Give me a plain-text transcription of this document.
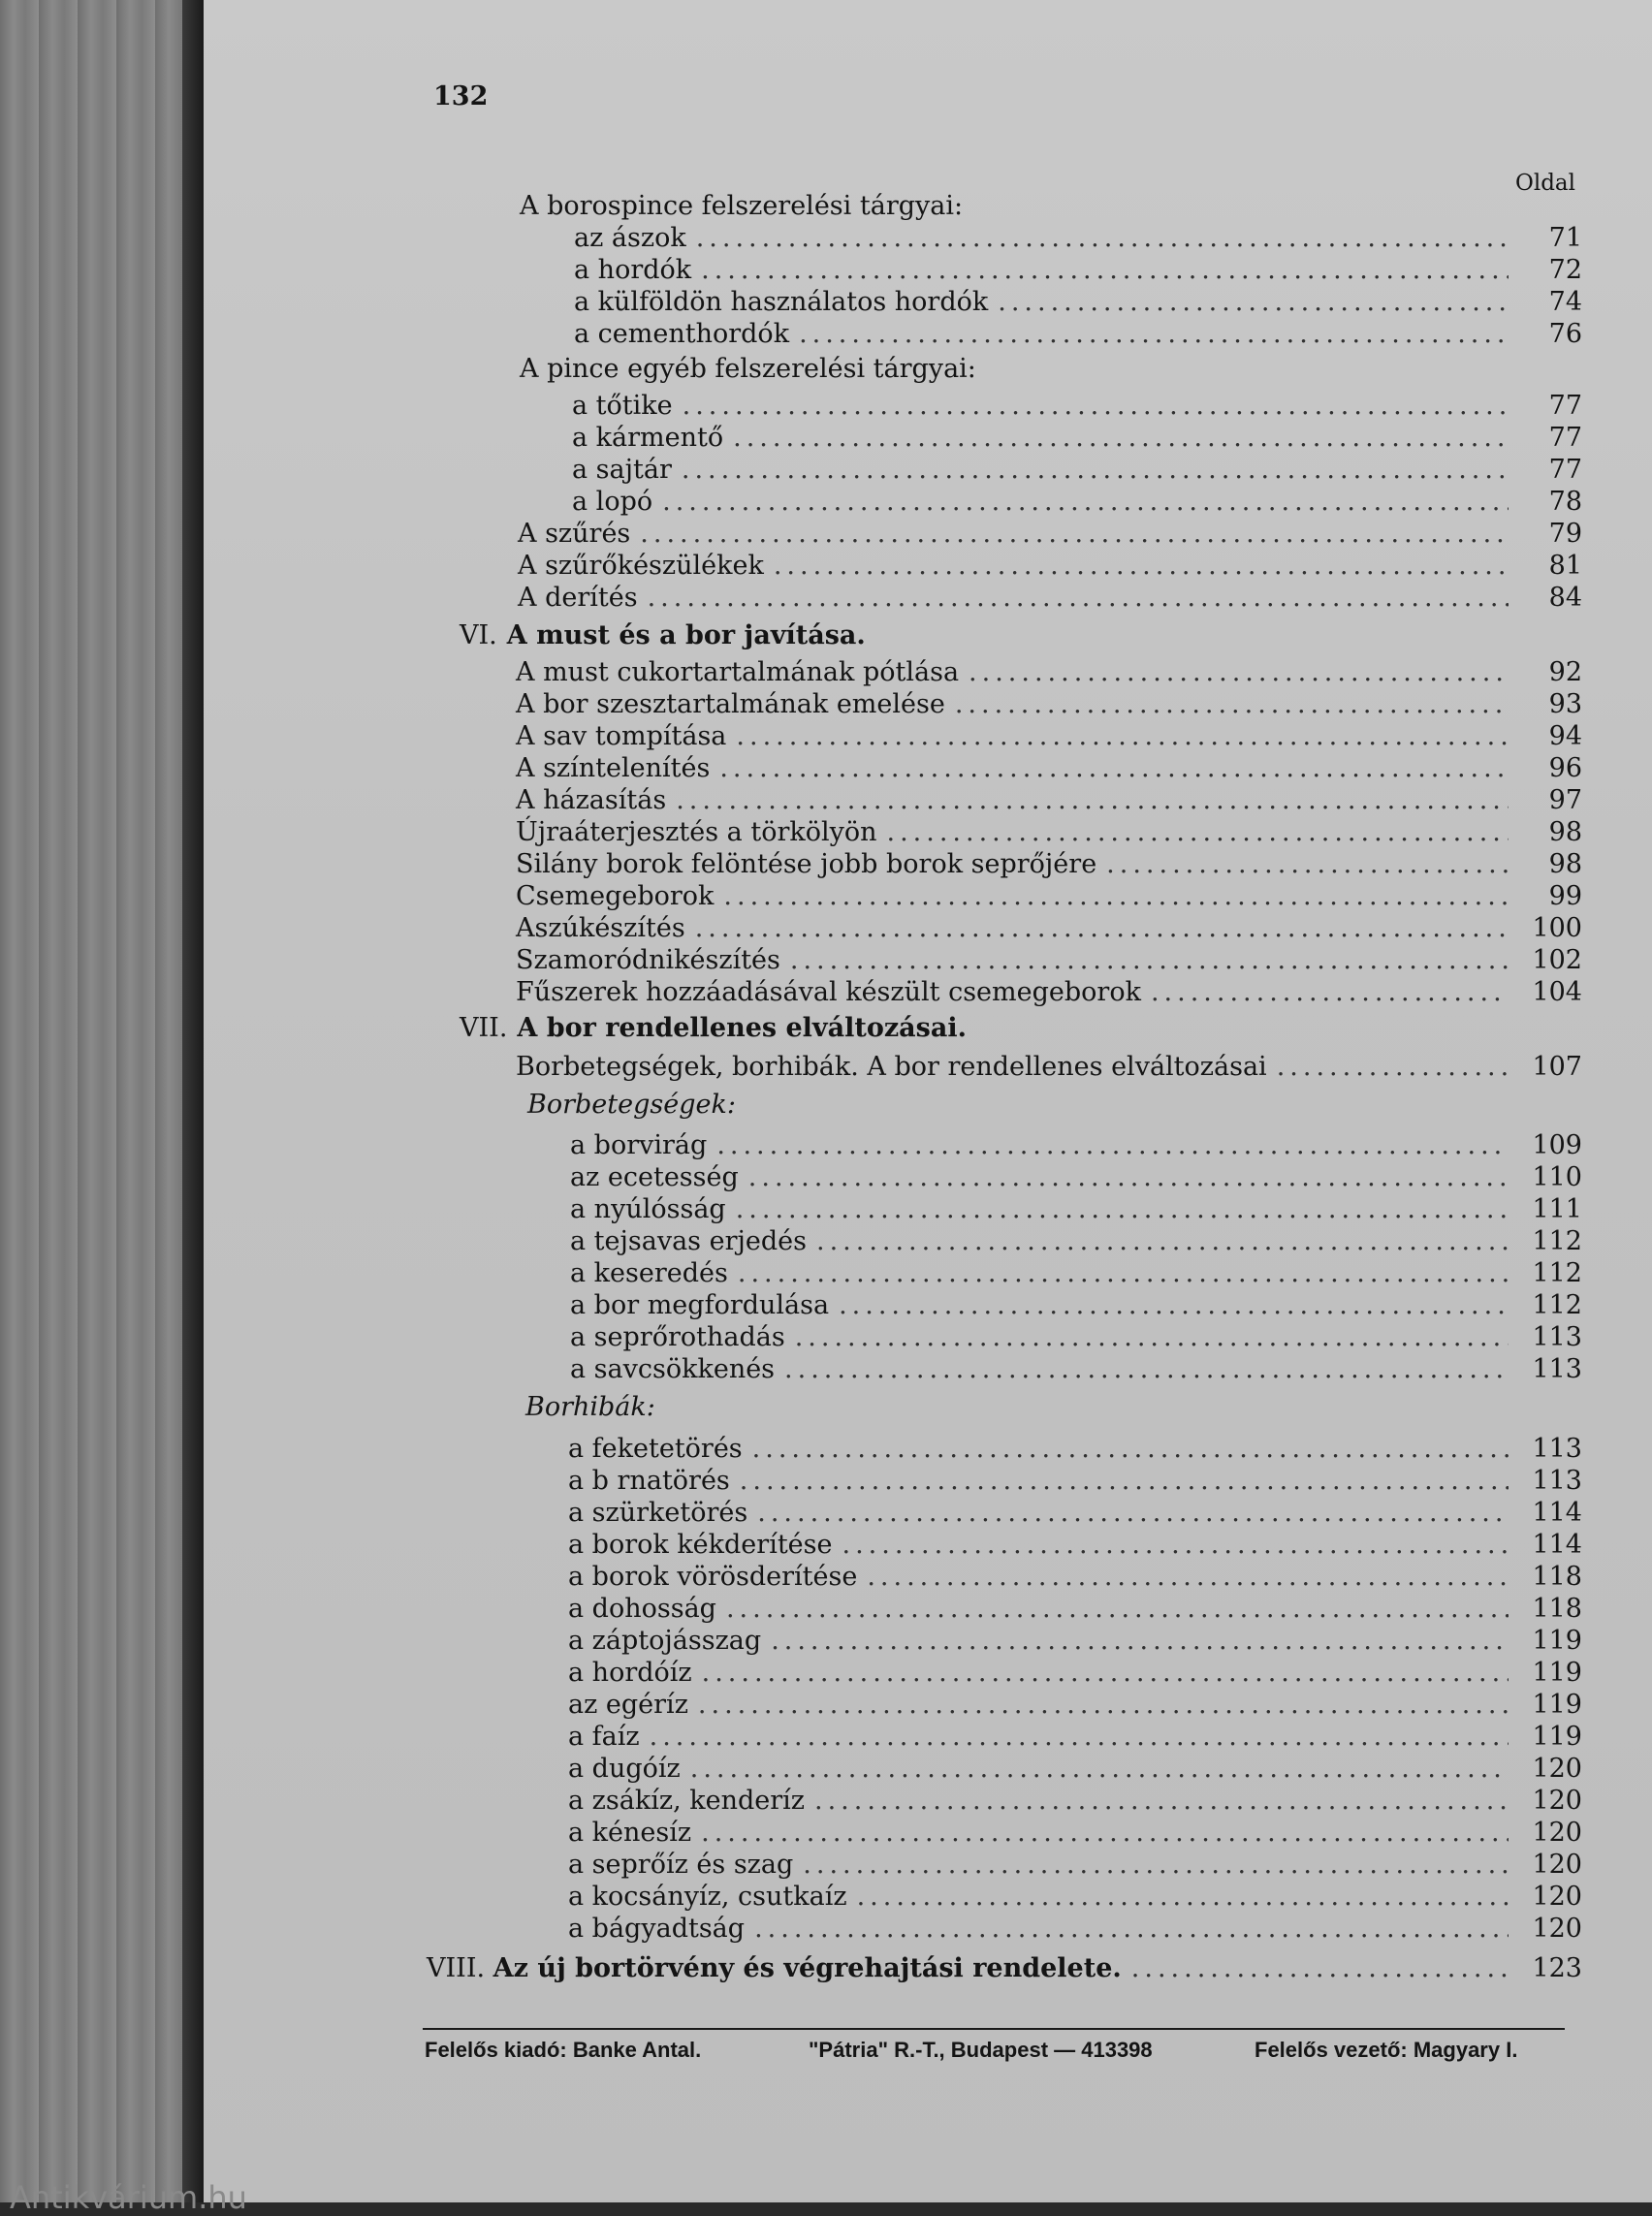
132
Oldal
A borospince felszerelési tárgyai:
az ászok .....	71
a hordók .....	72
a külföldön használatos hordók .....	74
a cementhordók .....	76
A pince egyéb felszerelési tárgyai:
a tőtike .....	77
a kármentő .....	77
a sajtár .....	77
a lopó .....	78
A szűrés .....	79
A szűrőkészülékek .....	81
A derítés .....	84
VI. A must és a bor javítása.
A must cukortartalmának pótlása .....	92
A bor szesztartalmának emelése .....	93
A sav tompítása .....	94
A színtelenítés .....	96
A házasítás .....	97
Újraáterjesztés a törkölyön .....	98
Silány borok felöntése jobb borok seprőjére .....	98
Csemegeborok .....	99
Aszúkészítés .....	100
Szamoródnikészítés .....	102
Fűszerek hozzáadásával készült csemegeborok .....	104
VII. A bor rendellenes elváltozásai.
Borbetegségek, borhibák. A bor rendellenes elváltozásai .....	107
Borbetegségek:
a borvirág .....	109
az ecetesség .....	110
a nyúlósság .....	111
a tejsavas erjedés .....	112
a keseredés .....	112
a bor megfordulása .....	112
a seprőrothadás .....	113
a savcsökkenés .....	113
Borhibák:
a feketetörés .....	113
a b rnatörés .....	113
a szürketörés .....	114
a borok kékderítése .....	114
a borok vörösderítése .....	118
a dohosság .....	118
a záptojásszag .....	119
a hordóíz .....	119
az egéríz .....	119
a faíz .....	119
a dugóíz .....	120
a zsákíz, kenderíz .....	120
a kénesíz .....	120
a seprőíz és szag .....	120
a kocsányíz, csutkaíz .....	120
a bágyadtság .....	120
VIII. Az új bortörvény és végrehajtási rendelete. .....	123
Felelős kiadó: Banke Antal.	"Pátria" R.-T., Budapest — 413398	Felelős vezető: Magyary I.
Antikvárium.hu
